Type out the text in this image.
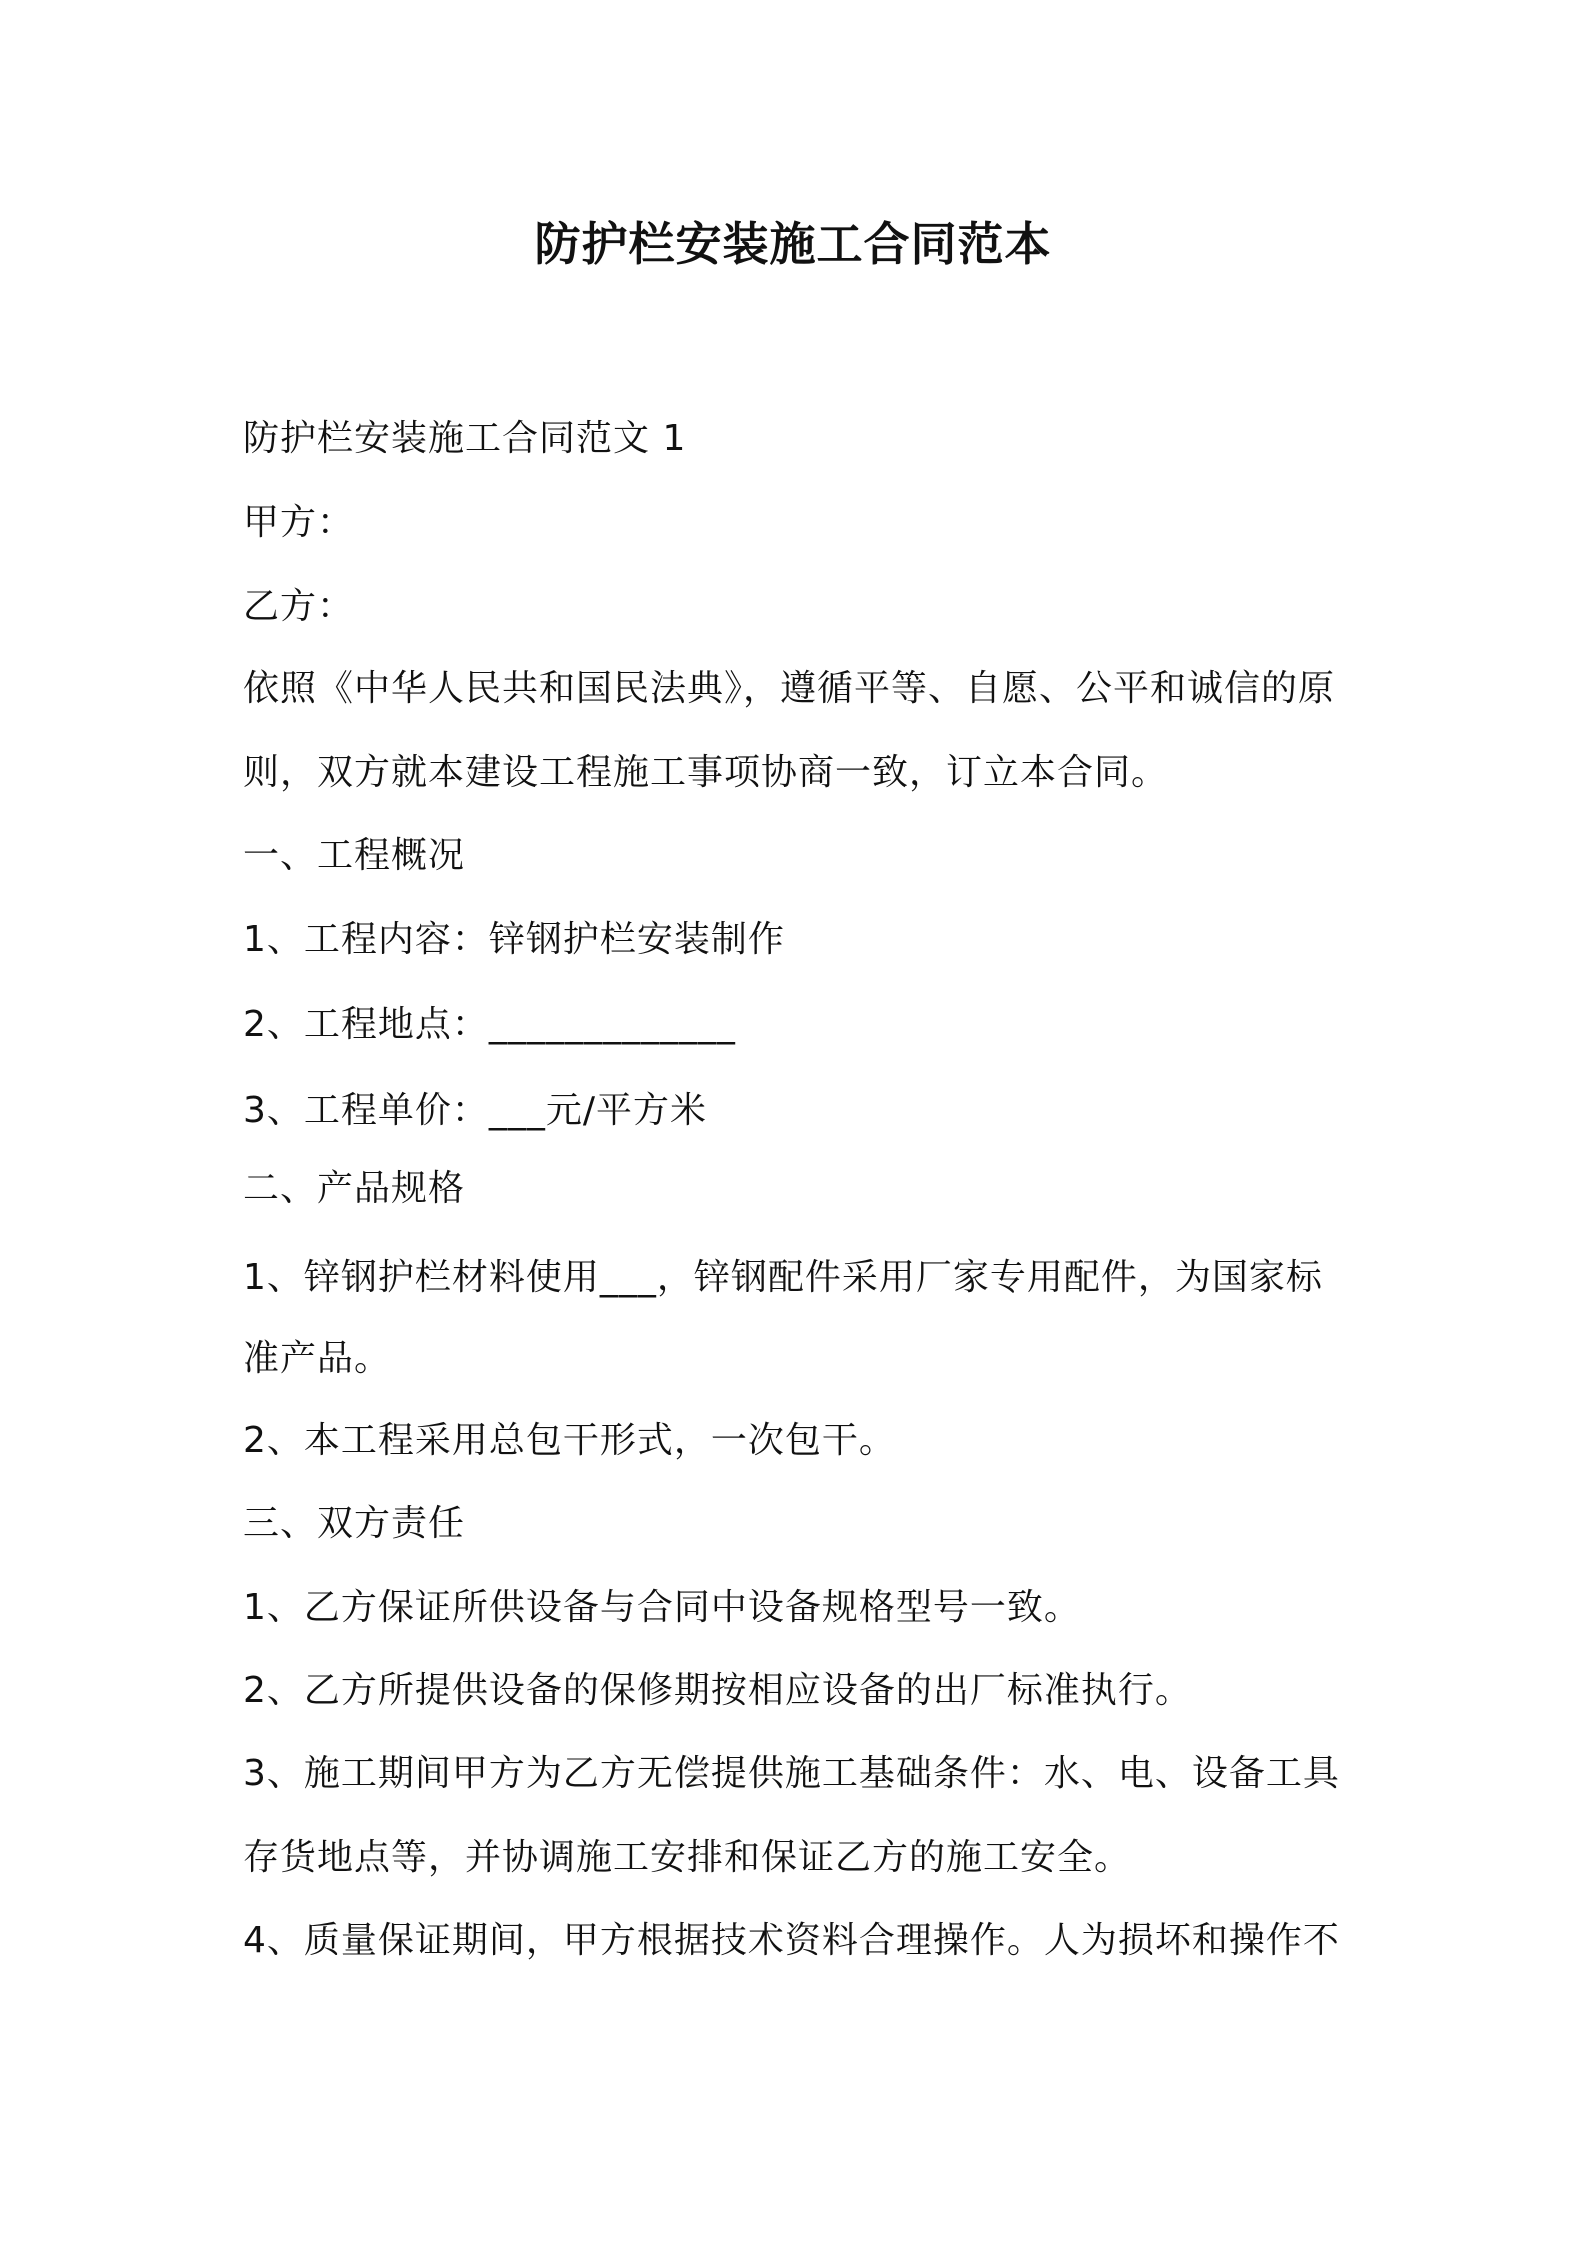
防护栏安装施工合同范本
防护栏安装施工合同范文 1
甲方：
乙方：
依照《中华人民共和国民法典》，遵循平等、自愿、公平和诚信的原
则，双方就本建设工程施工事项协商一致，订立本合同。
一、工程概况
1、工程内容：锌钢护栏安装制作
2、工程地点：_____________
3、工程单价：___元/平方米
二、产品规格
1、锌钢护栏材料使用___，锌钢配件采用厂家专用配件，为国家标
准产品。
2、本工程采用总包干形式，一次包干。
三、双方责任
1、乙方保证所供设备与合同中设备规格型号一致。
2、乙方所提供设备的保修期按相应设备的出厂标准执行。
3、施工期间甲方为乙方无偿提供施工基础条件：水、电、设备工具
存货地点等，并协调施工安排和保证乙方的施工安全。
4、质量保证期间，甲方根据技术资料合理操作。人为损坏和操作不
